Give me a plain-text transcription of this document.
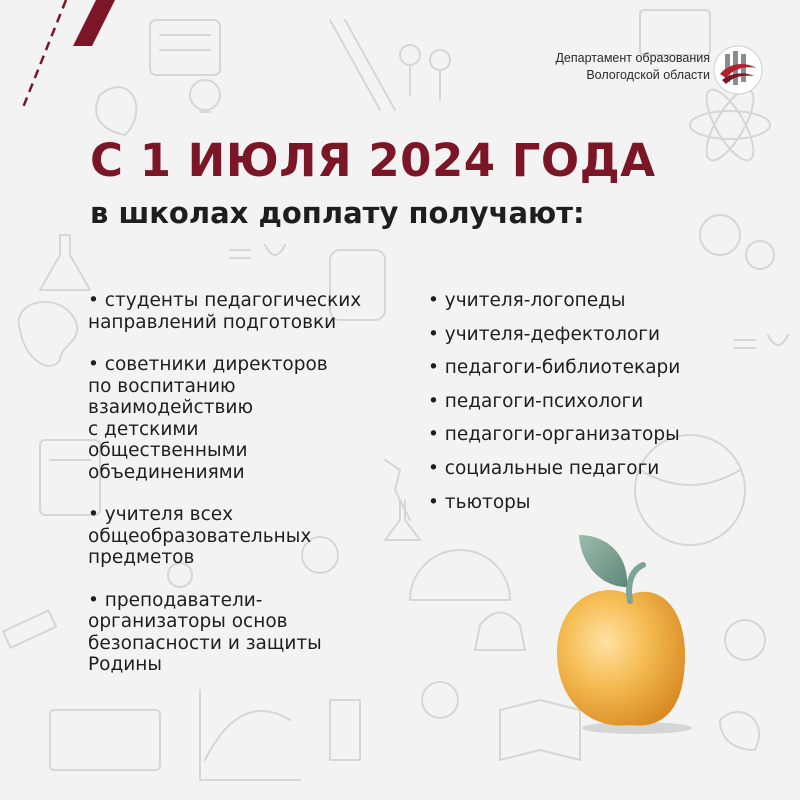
Департамент образования
Вологодской области
С 1 ИЮЛЯ 2024 ГОДА
в школах доплату получают:
• студенты педагогических
направлений подготовки
• советники директоров
по воспитанию
взаимодействию
с детскими
общественными
объединениями
• учителя всех
общеобразовательных
предметов
• преподаватели-
организаторы основ
безопасности и защиты
Родины
• учителя-логопеды
• учителя-дефектологи
• педагоги-библиотекари
• педагоги-психологи
• педагоги-организаторы
• социальные педагоги
• тьюторы
